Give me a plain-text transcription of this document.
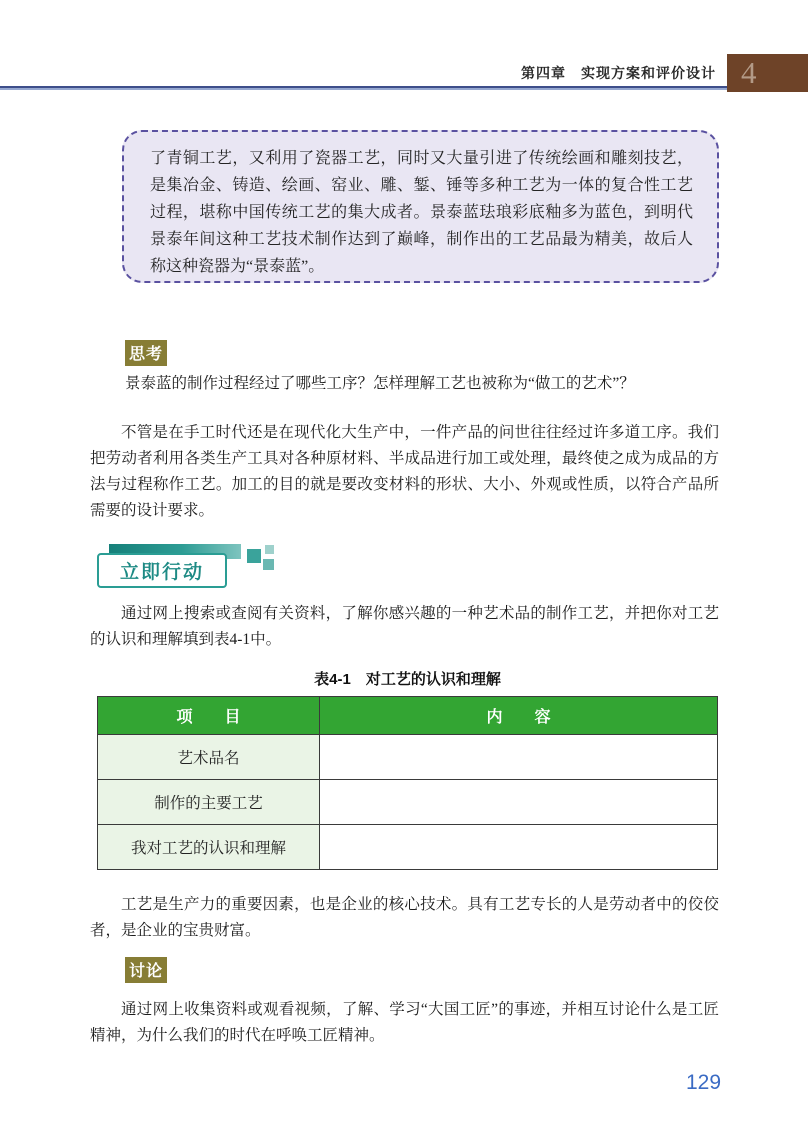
第四章　实现方案和评价设计 4
了青铜工艺，又利用了瓷器工艺，同时又大量引进了传统绘画和雕刻技艺，是集冶金、铸造、绘画、窑业、雕、錾、锤等多种工艺为一体的复合性工艺过程，堪称中国传统工艺的集大成者。景泰蓝珐琅彩底釉多为蓝色，到明代景泰年间这种工艺技术制作达到了巅峰，制作出的工艺品最为精美，故后人称这种瓷器为“景泰蓝”。
思考
景泰蓝的制作过程经过了哪些工序？怎样理解工艺也被称为“做工的艺术”？
不管是在手工时代还是在现代化大生产中，一件产品的问世往往经过许多道工序。我们把劳动者利用各类生产工具对各种原材料、半成品进行加工或处理，最终使之成为成品的方法与过程称作工艺。加工的目的就是要改变材料的形状、大小、外观或性质，以符合产品所需要的设计要求。
立即行动
通过网上搜索或查阅有关资料，了解你感兴趣的一种艺术品的制作工艺，并把你对工艺的认识和理解填到表4-1中。
表4-1　对工艺的认识和理解
项　　目	内　　容
艺术品名	
制作的主要工艺	
我对工艺的认识和理解	
工艺是生产力的重要因素，也是企业的核心技术。具有工艺专长的人是劳动者中的佼佼者，是企业的宝贵财富。
讨论
通过网上收集资料或观看视频，了解、学习“大国工匠”的事迹，并相互讨论什么是工匠精神，为什么我们的时代在呼唤工匠精神。
129
